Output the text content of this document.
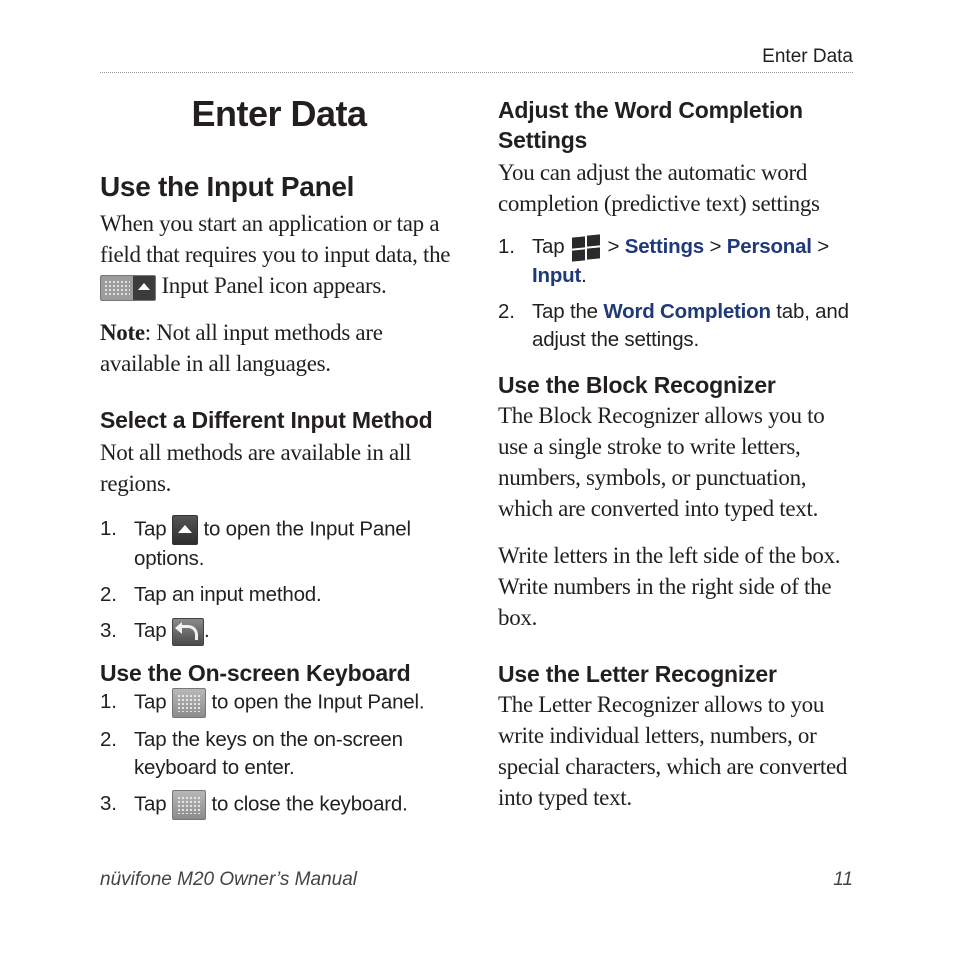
Enter Data
Enter Data
Use the Input Panel

When you start an application or tap a field that requires you to input data, the
Input Panel icon appears.

Note: Not all input methods are available in all languages.

Select a Different Input Method

Not all methods are available in all regions.

1. Tap to open the Input Panel options.
2. Tap an input method.
3. Tap .
Use the On-screen Keyboard
1. Tap to open the Input Panel.
2. Tap the keys on the on-screen keyboard to enter.
3. Tap to close the keyboard.
Adjust the Word Completion Settings

You can adjust the automatic word completion (predictive text) settings

1. Tap > Settings > Personal > Input.
2. Tap the Word Completion tab, and adjust the settings.
Use the Block Recognizer

The Block Recognizer allows you to use a single stroke to write letters, numbers, symbols, or punctuation, which are converted into typed text.

Write letters in the left side of the box. Write numbers in the right side of the box.

Use the Letter Recognizer

The Letter Recognizer allows to you write individual letters, numbers, or special characters, which are converted into typed text.

nüvifone M20 Owner’s Manual	11
